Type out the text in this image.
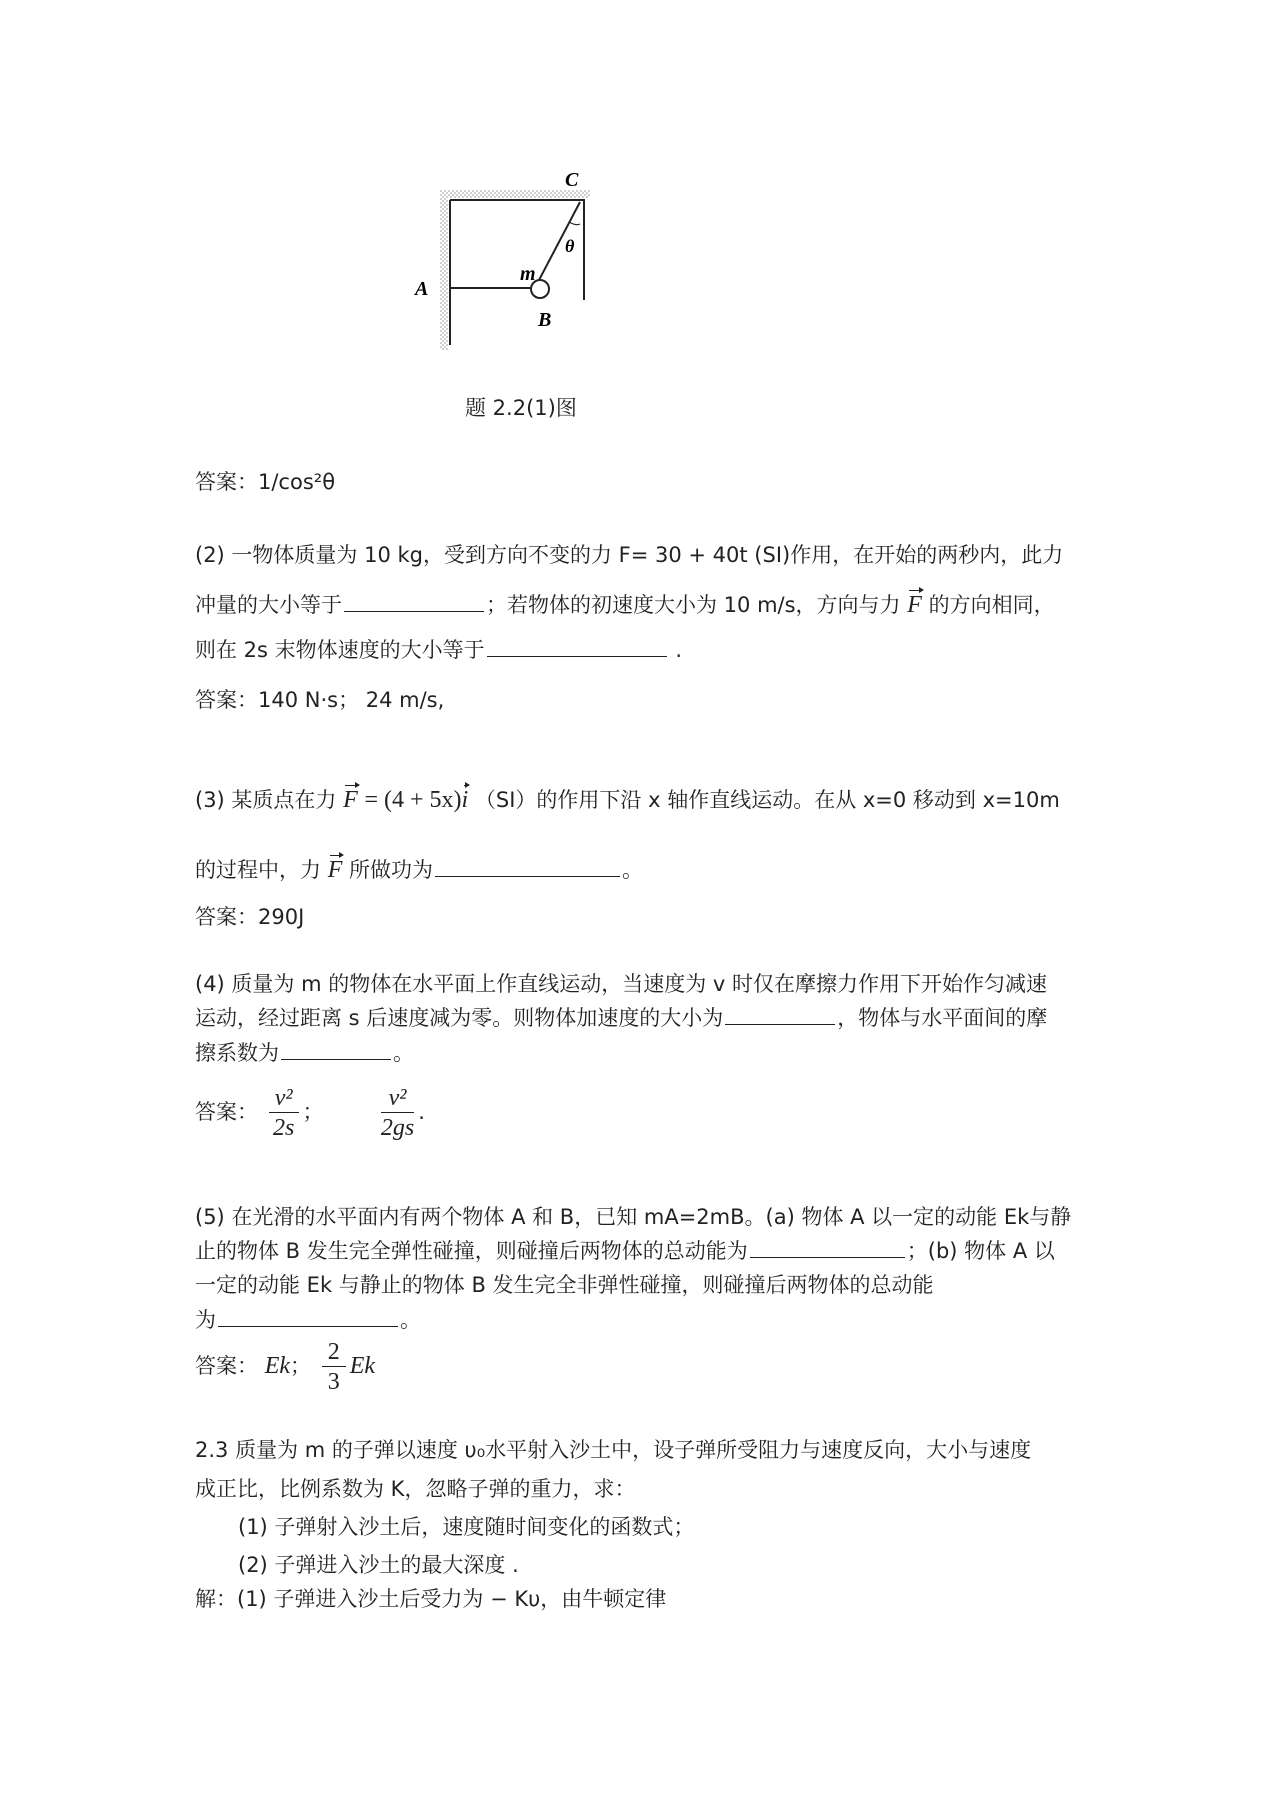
C
A
B
m
θ
题 2.2(1)图
答案：1/cos²θ
(2) 一物体质量为 10 kg，受到方向不变的力 F= 30 + 40t (SI)作用，在开始的两秒内，此力
冲量的大小等于	；若物体的初速度大小为 10 m/s，方向与力 F 的方向相同，
则在 2s 末物体速度的大小等于	.
答案：140 N·s； 24 m/s,
(3) 某质点在力 F = (4 + 5x)i （SI）的作用下沿 x 轴作直线运动。在从 x=0 移动到 x=10m
的过程中，力 F 所做功为	。
答案：290J
(4) 质量为 m 的物体在水平面上作直线运动，当速度为 v 时仅在摩擦力作用下开始作匀减速
运动，经过距离 s 后速度减为零。则物体加速度的大小为	，物体与水平面间的摩
擦系数为	。
答案： $\frac{\text{v²}}{2s}$ ； $\frac{\text{v²}}{2gs}$ .
(5) 在光滑的水平面内有两个物体 A 和 B，已知 mA=2mB。(a) 物体 A 以一定的动能 Ek与静
止的物体 B 发生完全弹性碰撞，则碰撞后两物体的总动能为	；(b) 物体 A 以
一定的动能 Ek 与静止的物体 B 发生完全非弹性碰撞，则碰撞后两物体的总动能
为	。
答案： Ek； $\frac{2}{3}$ Ek
2.3 质量为 m 的子弹以速度 υ₀水平射入沙土中，设子弹所受阻力与速度反向，大小与速度
成正比，比例系数为 K，忽略子弹的重力，求：
(1) 子弹射入沙土后，速度随时间变化的函数式；
(2) 子弹进入沙土的最大深度 .
解：(1) 子弹进入沙土后受力为 − Kυ，由牛顿定律
